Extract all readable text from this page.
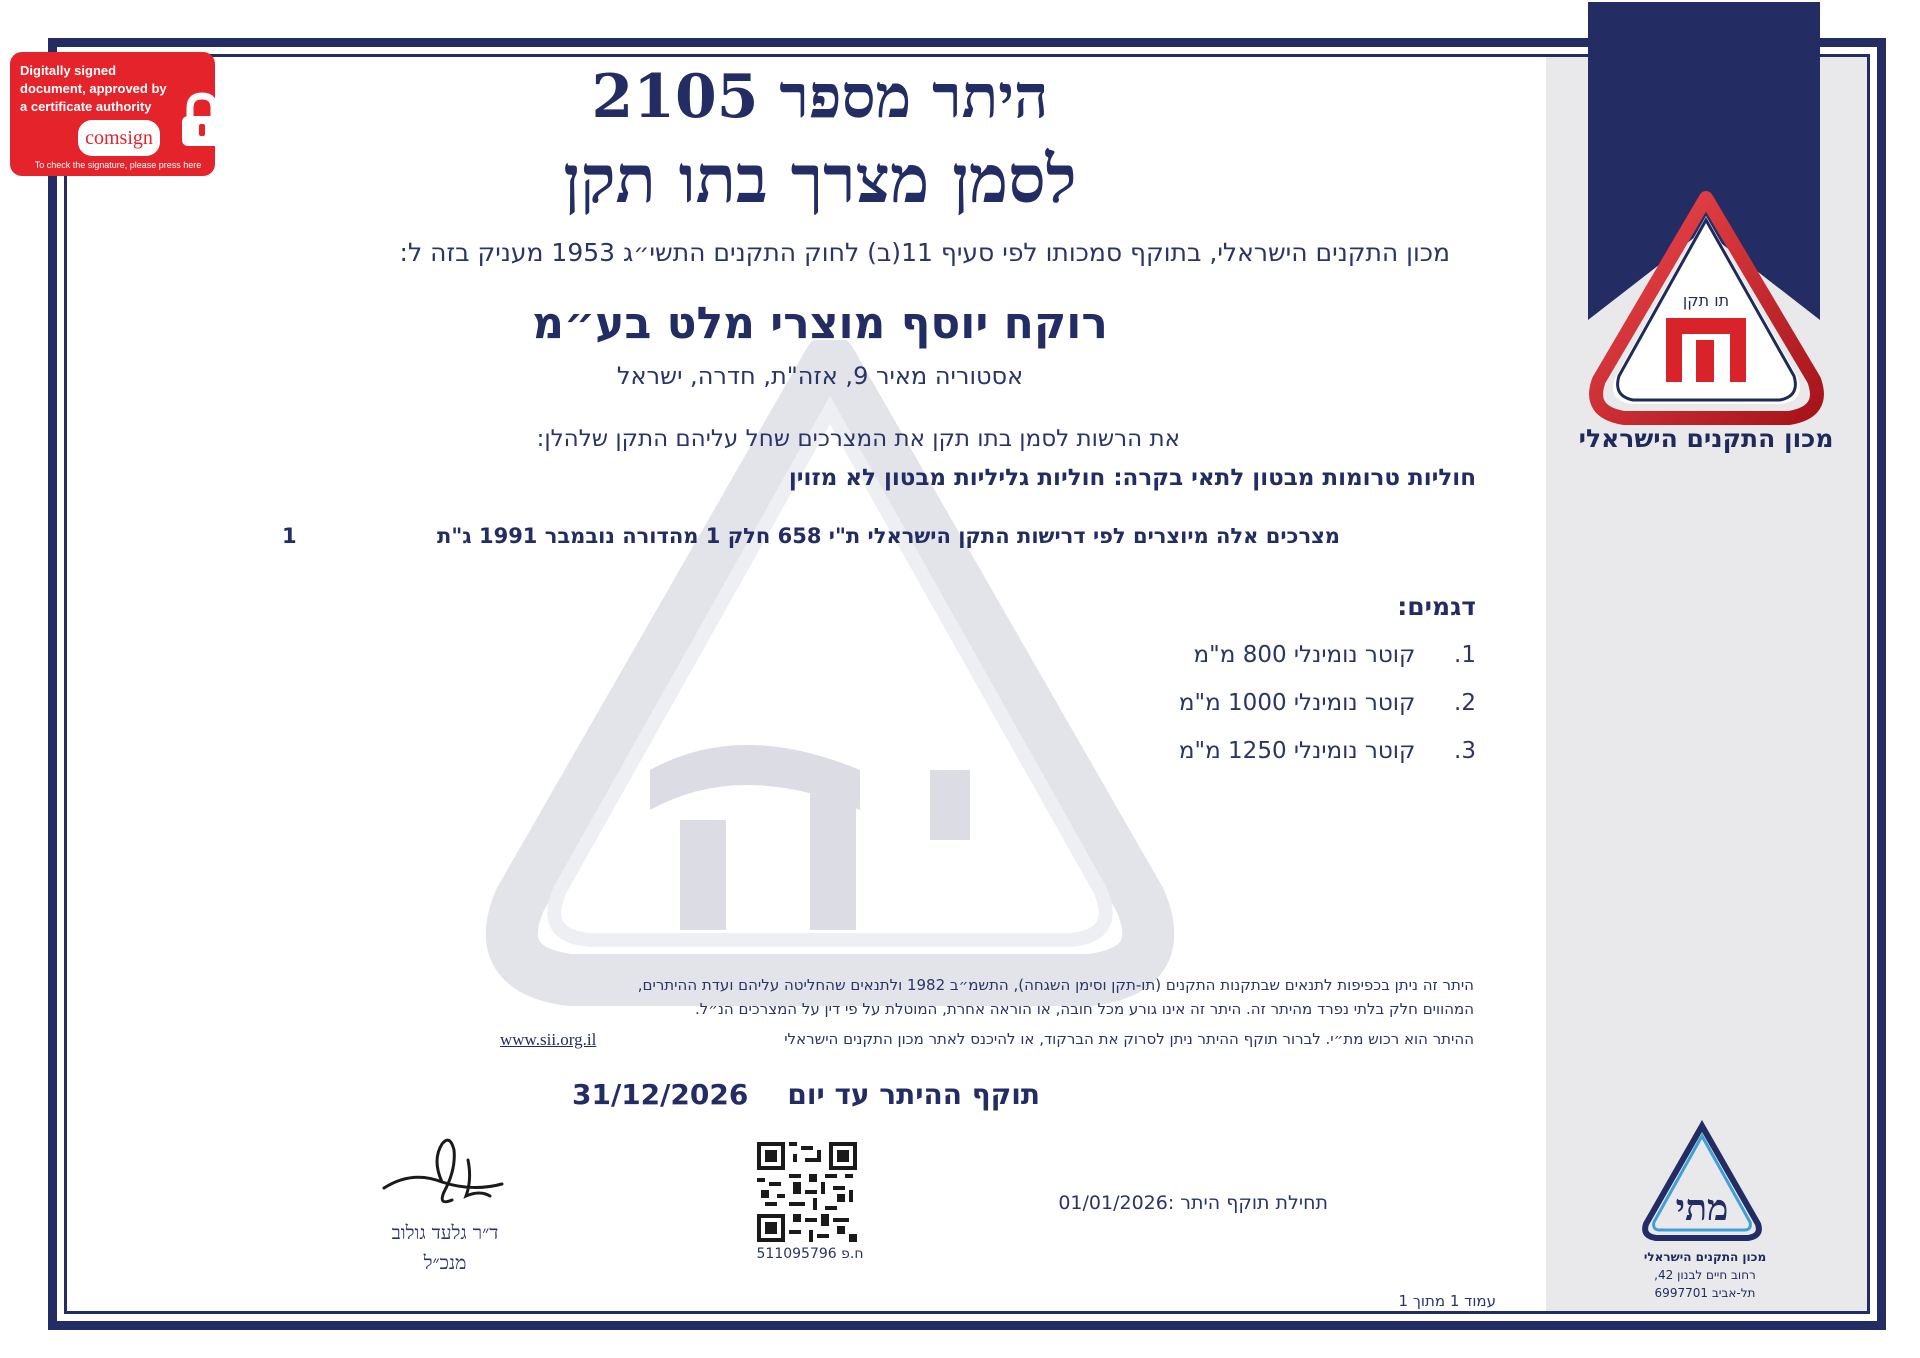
תו תקן
מכון התקנים הישראלי
מתי
מכון התקנים הישראלי
רחוב חיים לבנון 42,
תל-אביב 6997701
Digitally signed document, approved by a certificate authority
comsign
To check the signature, please press here
היתר מספר 2105
לסמן מצרך בתו תקן
מכון התקנים הישראלי, בתוקף סמכותו לפי סעיף 11(ב) לחוק התקנים התשי״ג 1953 מעניק בזה ל:
רוקח יוסף מוצרי מלט בע״מ
אסטוריה מאיר 9, אזה"ת, חדרה, ישראל
את הרשות לסמן בתו תקן את המצרכים שחל עליהם התקן שלהלן:
חוליות טרומות מבטון לתאי בקרה: חוליות גליליות מבטון לא מזוין
מצרכים אלה מיוצרים לפי דרישות התקן הישראלי ת"י 658 חלק 1 מהדורה נובמבר 1991 ג"ת
1
דגמים:
1.  קוטר נומינלי 800 מ"מ
2.  קוטר נומינלי 1000 מ"מ
3.  קוטר נומינלי 1250 מ"מ
היתר זה ניתן בכפיפות לתנאים שבתקנות התקנים (תו-תקן וסימן השגחה), התשמ״ב 1982 ולתנאים שהחליטה עליהם ועדת ההיתרים,
המהווים חלק בלתי נפרד מהיתר זה. היתר זה אינו גורע מכל חובה, או הוראה אחרת, המוטלת על פי דין על המצרכים הנ״ל.
ההיתר הוא רכוש מת״י. לברור תוקף ההיתר ניתן לסרוק את הברקוד, או להיכנס לאתר מכון התקנים הישראלי
www.sii.org.il
תוקף ההיתר עד יום
31/12/2026
תחילת תוקף היתר :01/01/2026
ח.פ 511095796
ד״ר גלעד גולוב
מנכ״ל
עמוד 1 מתוך 1
